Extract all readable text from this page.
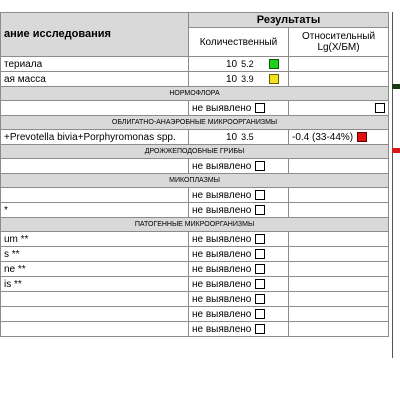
ание исследования	Результаты	
	Количественный	Относительный Lg(X/БМ)
териала	10 5.2	
ая масса	10 3.9	
НОРМОФЛОРА		
	не выявлено	

ОБЛИГАТНО-АНАЭРОБНЫЕ МИКРООРГАНИЗМЫ		
+Prevotella bivia+Porphyromonas spp.	10 3.5	-0.4 (33-44%)
ДРОЖЖЕПОДОБНЫЕ ГРИБЫ		
	не выявлено	
МИКОПЛАЗМЫ		
	не выявлено	
*	не выявлено	
ПАТОГЕННЫЕ МИКРООРГАНИЗМЫ		
um **	не выявлено	
s **	не выявлено	
ne **	не выявлено	
is **	не выявлено	
	не выявлено	
	не выявлено	
	не выявлено	
